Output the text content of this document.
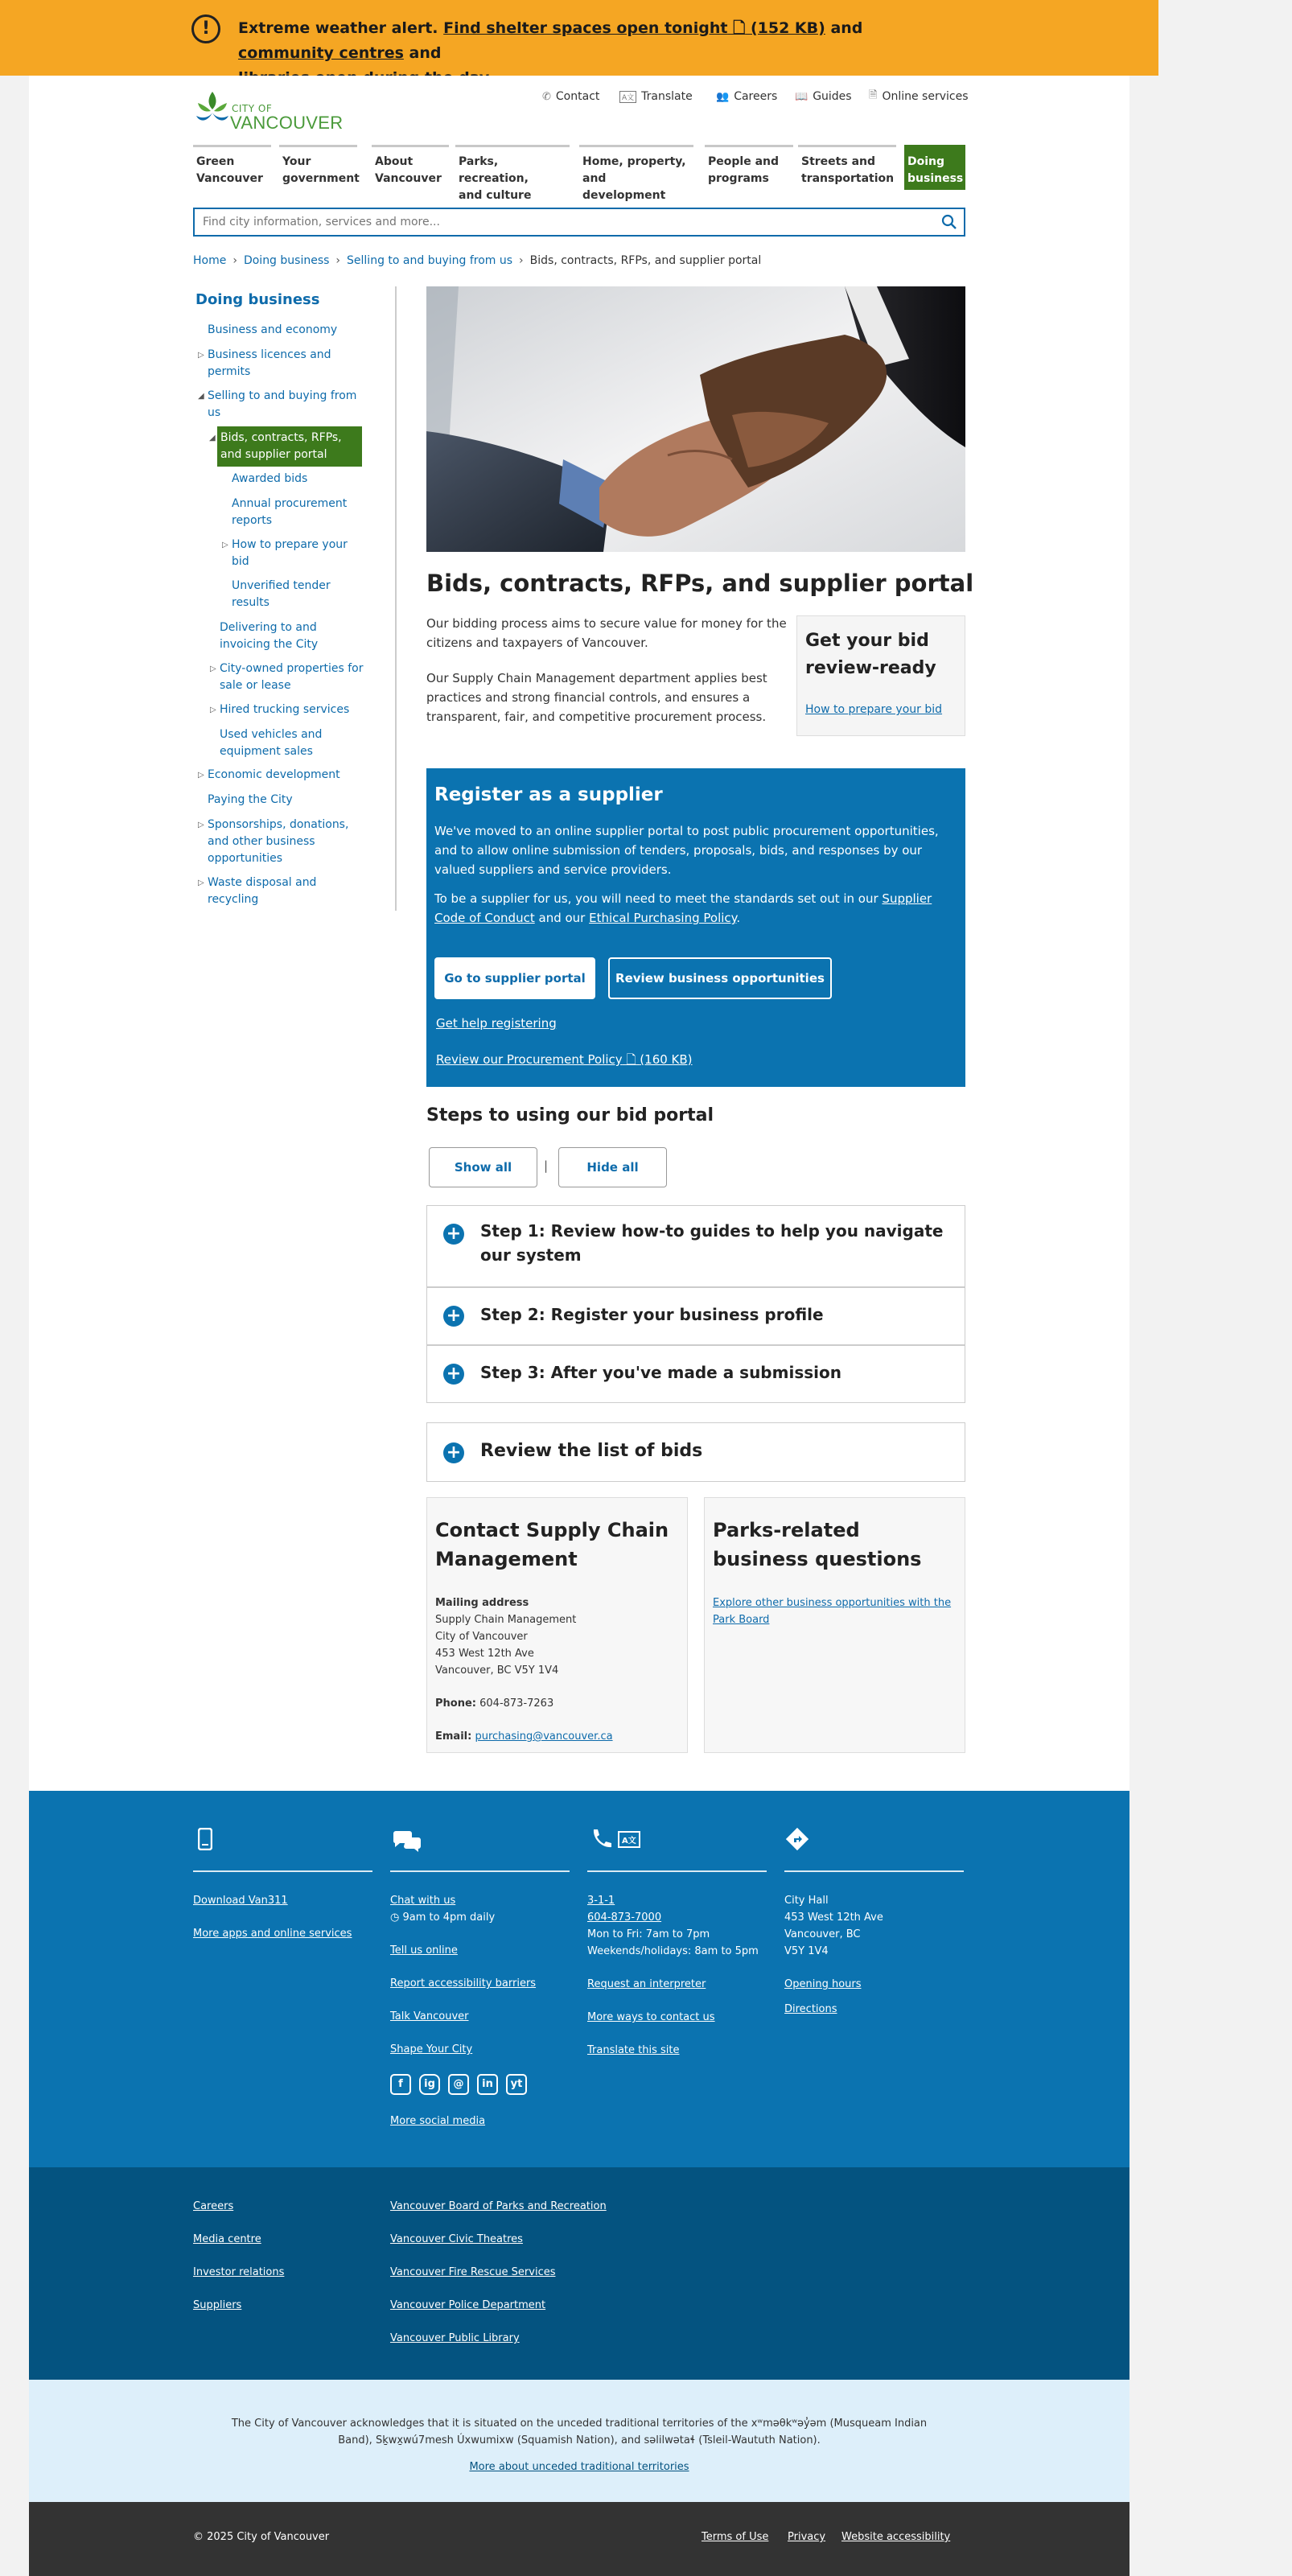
!	Extreme weather alert. Find shelter spaces open tonight 🗋 (152 KB) and community centres and

CITY OF
VANCOUVER
✆ Contact	A文 Translate 👥 Careers 📖 Guides 🗎 Online services
Green
Vancouver
Your
government
About
Vancouver
Parks, recreation,
and culture
Home, property,
and development
People and
programs
Streets and
transportation
Doing
business
Find city information, services and more...
Home › Doing business › Selling to and buying from us › Bids, contracts, RFPs, and supplier portal
Doing business
Business and economy
▷ Business licences and permits
◢ Selling to and buying from us
◢ Bids, contracts, RFPs, and supplier portal
Awarded bids
Annual procurement reports
▷ How to prepare your bid
Unverified tender results
Delivering to and invoicing the City
▷ City-owned properties for sale or lease
▷ Hired trucking services
Used vehicles and equipment sales
▷ Economic development
Paying the City
▷ Sponsorships, donations, and other business opportunities
▷ Waste disposal and recycling
Bids, contracts, RFPs, and supplier portal
Our bidding process aims to secure value for money for the citizens and taxpayers of Vancouver.
Our Supply Chain Management department applies best practices and strong financial controls, and ensures a transparent, fair, and competitive procurement process.
Get your bid review-ready
How to prepare your bid
Register as a supplier

We've moved to an online supplier portal to post public procurement opportunities, and to allow online submission of tenders, proposals, bids, and responses by our valued suppliers and service providers.

To be a supplier for us, you will need to meet the standards set out in our Supplier Code of Conduct and our Ethical Purchasing Policy.

Go to supplier portal	Review business opportunities
Get help registering
Review our Procurement Policy 🗋 (160 KB)
Steps to using our bid portal
Show all	|	Hide all
+ Step 1: Review how-to guides to help you navigate our system
+ Step 2: Register your business profile
+ Step 3: After you've made a submission
+ Review the list of bids
Contact Supply Chain Management
Mailing address
Supply Chain Management
City of Vancouver
453 West 12th Ave
Vancouver, BC V5Y 1V4
Phone: 604-873-7263
Email: purchasing@vancouver.ca
Parks-related business questions
Explore other business opportunities with the Park Board
Download Van311
More apps and online services
Chat with us
◷ 9am to 4pm daily
Tell us online
Report accessibility barriers
Talk Vancouver
Shape Your City
f	ig	@	in	yt
More social media
A文
3-1-1
604-873-7000
Mon to Fri: 7am to 7pm
Weekends/holidays: 8am to 5pm
Request an interpreter
More ways to contact us
Translate this site
City Hall
453 West 12th Ave
Vancouver, BC
V5Y 1V4
Opening hours
Directions
Careers
Media centre
Investor relations
Suppliers
Vancouver Board of Parks and Recreation
Vancouver Civic Theatres
Vancouver Fire Rescue Services
Vancouver Police Department
Vancouver Public Library
The City of Vancouver acknowledges that it is situated on the unceded traditional territories of the xʷməθkʷəy̓əm (Musqueam Indian Band), Sḵwx̱wú7mesh Úxwumixw (Squamish Nation), and səlilwətaɬ (Tsleil-Waututh Nation).
More about unceded traditional territories
© 2025 City of Vancouver	Terms of Use Privacy Website accessibility
